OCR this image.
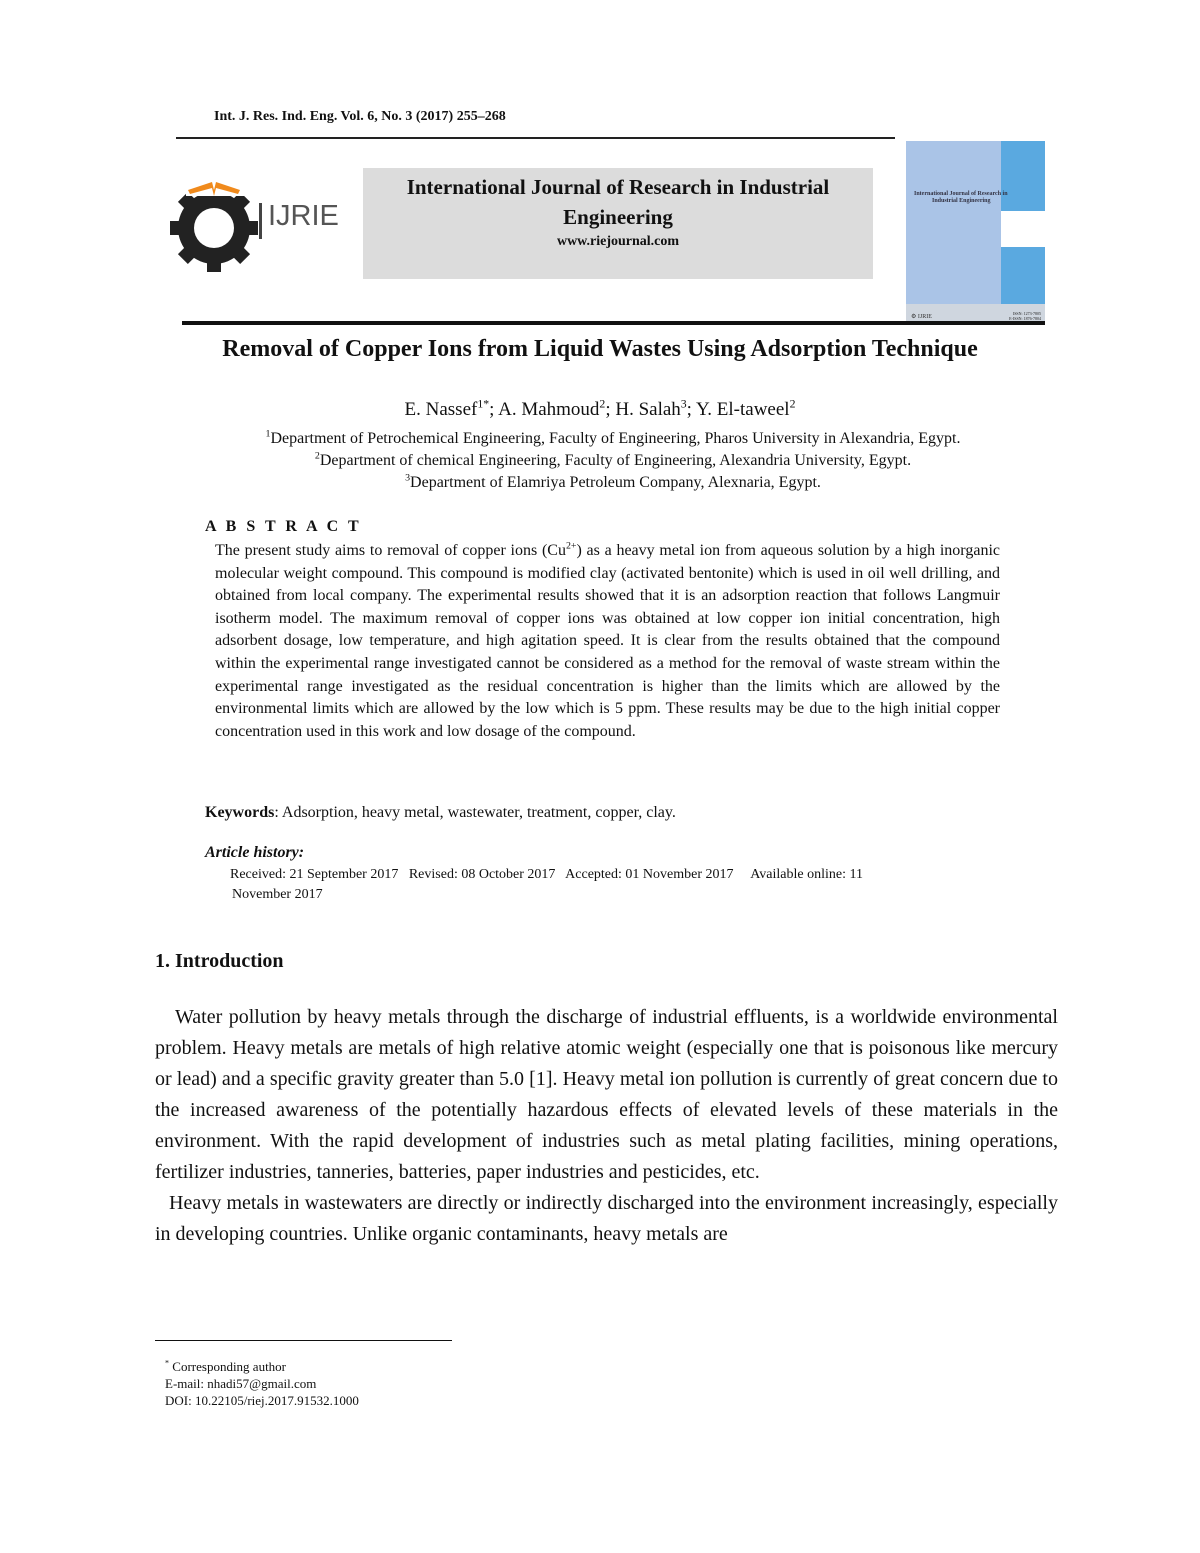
Int. J. Res. Ind. Eng. Vol. 6, No. 3 (2017) 255–268
IJRIE
International Journal of Research in Industrial
Engineering
www.riejournal.com
International Journal of Research in
Industrial Engineering
⚙ IJRIE
ISSN: 1273-7805
E-ISSN: 1876-7804
Removal of Copper Ions from Liquid Wastes Using Adsorption Technique
E. Nassef$^{1*}$; A. Mahmoud$^2$; H. Salah$^3$; Y. El-taweel$^2$
$^1$Department of Petrochemical Engineering, Faculty of Engineering, Pharos University in Alexandria, Egypt.
$^2$Department of chemical Engineering, Faculty of Engineering, Alexandria University, Egypt.
$^3$Department of Elamriya Petroleum Company, Alexnaria, Egypt.
A B S T R A C T
The present study aims to removal of copper ions $(Cu^{2+})$ as a heavy metal ion from aqueous solution by a high inorganic molecular weight compound. This compound is modified clay (activated bentonite) which is used in oil well drilling, and obtained from local company. The experimental results showed that it is an adsorption reaction that follows Langmuir isotherm model. The maximum removal of copper ions was obtained at low copper ion initial concentration, high adsorbent dosage, low temperature, and high agitation speed. It is clear from the results obtained that the compound within the experimental range investigated cannot be considered as a method for the removal of waste stream within the experimental range investigated as the residual concentration is higher than the limits which are allowed by the environmental limits which are allowed by the low which is 5 ppm. These results may be due to the high initial copper concentration used in this work and low dosage of the compound.
Keywords: Adsorption, heavy metal, wastewater, treatment, copper, clay.
Article history:
Received: 21 September 2017   Revised: 08 October 2017   Accepted: 01 November 2017     Available online: 11
November 2017
1. Introduction

Water pollution by heavy metals through the discharge of industrial effluents, is a worldwide environmental problem. Heavy metals are metals of high relative atomic weight (especially one that is poisonous like mercury or lead) and a specific gravity greater than 5.0 [1]. Heavy metal ion pollution is currently of great concern due to the increased awareness of the potentially hazardous effects of elevated levels of these materials in the environment. With the rapid development of industries such as metal plating facilities, mining operations, fertilizer industries, tanneries, batteries, paper industries and pesticides, etc.

Heavy metals in wastewaters are directly or indirectly discharged into the environment increasingly, especially in developing countries. Unlike organic contaminants, heavy metals are

* Corresponding author
E-mail: nhadi57@gmail.com
DOI: 10.22105/riej.2017.91532.1000
